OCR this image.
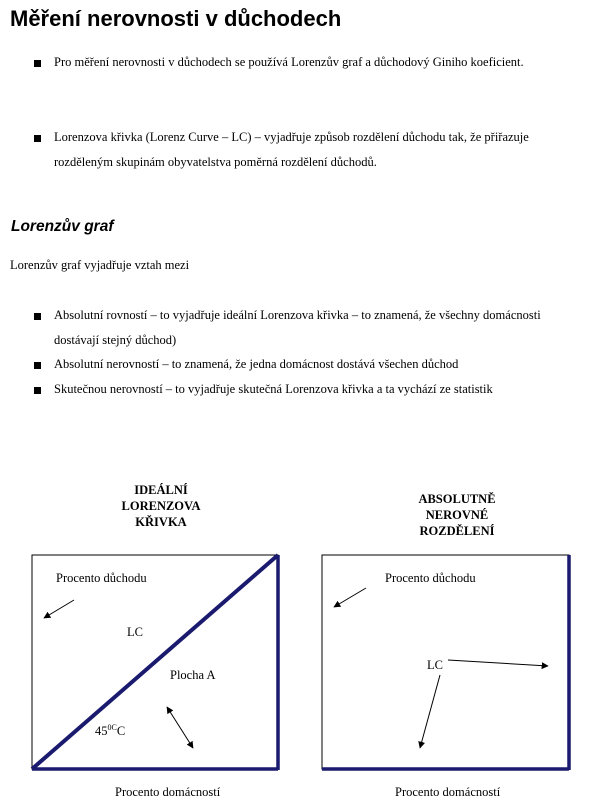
Měření nerovnosti v důchodech
Pro měření nerovnosti v důchodech se používá Lorenzův graf a důchodový Giniho koeficient.
Lorenzova křivka (Lorenz Curve – LC) – vyjadřuje způsob rozdělení důchodu tak, že přiřazuje rozděleným skupinám obyvatelstva poměrná rozdělení důchodů.
Lorenzův graf
Lorenzův graf vyjadřuje vztah mezi
Absolutní rovností – to vyjadřuje ideální Lorenzova křivka – to znamená, že všechny domácnosti dostávají stejný důchod)
Absolutní nerovností – to znamená, že jedna domácnost dostává všechen důchod
Skutečnou nerovností – to vyjadřuje skutečná Lorenzova křivka a ta vychází ze statistik
IDEÁLNÍ
LORENZOVA
KŘIVKA
ABSOLUTNĚ
NEROVNÉ
ROZDĚLENÍ
Procento důchodu
LC
Plocha A
$45^{0C}C$
Procento domácností
Procento důchodu
LC
Procento domácností
